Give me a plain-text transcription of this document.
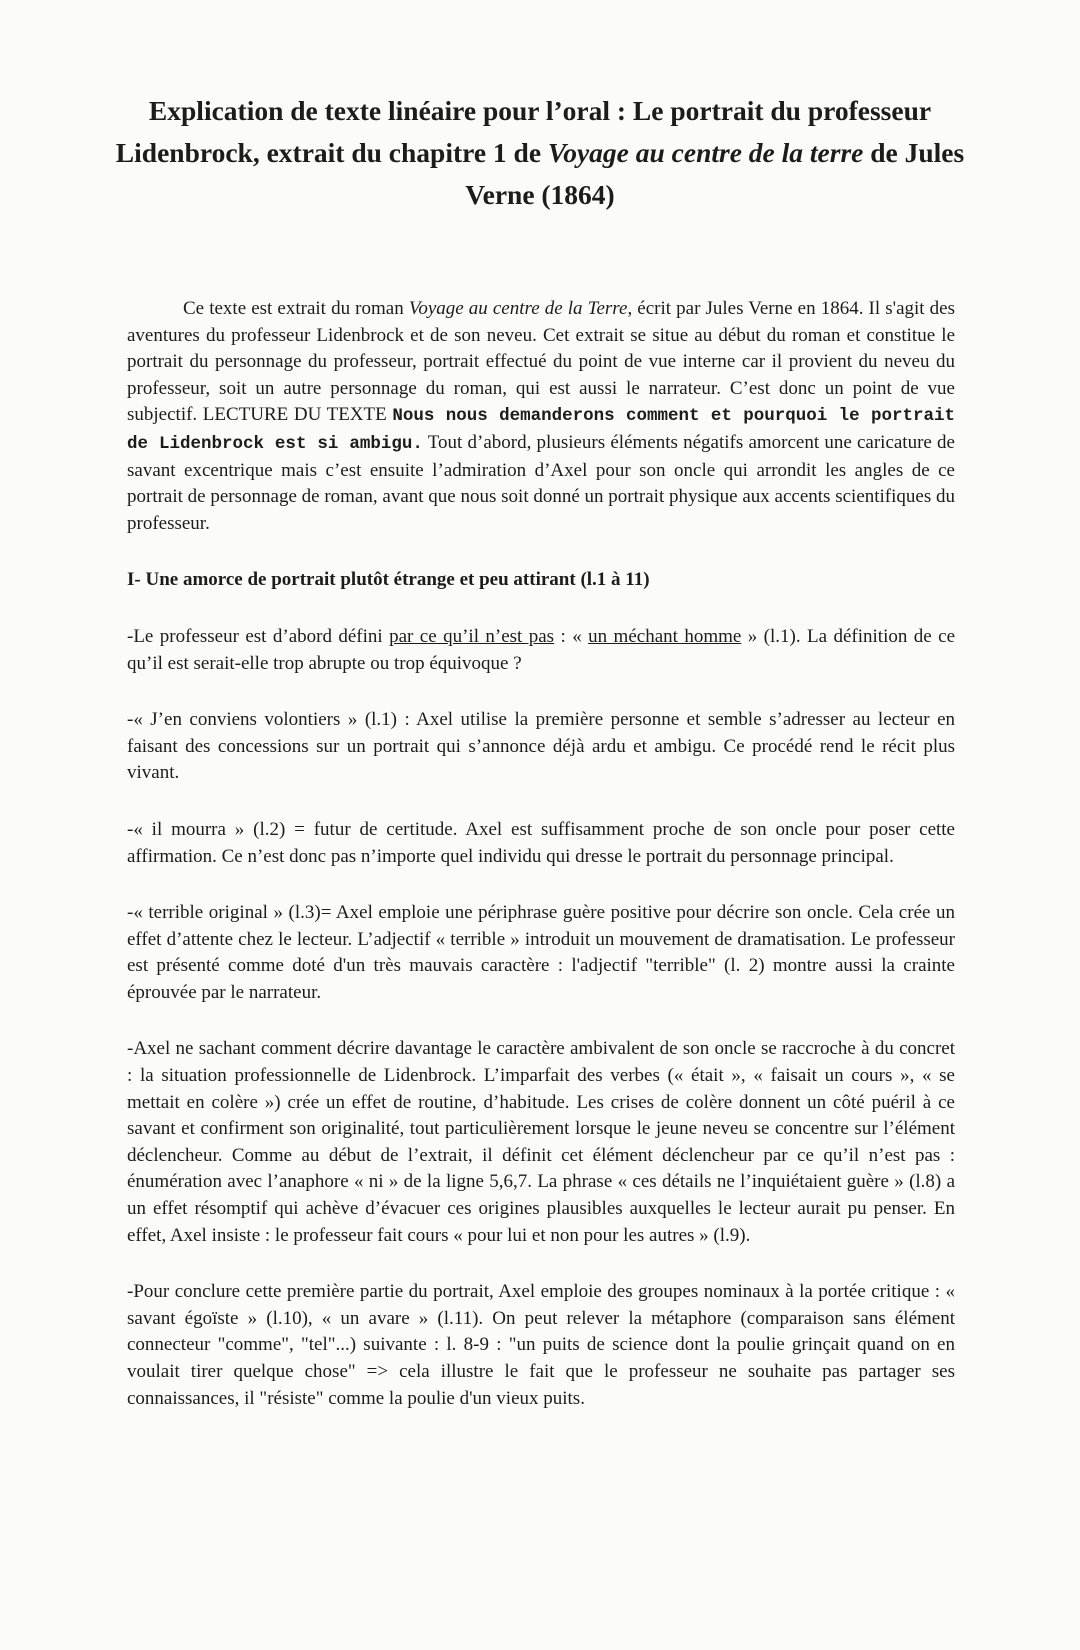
Explication de texte linéaire pour l’oral : Le portrait du professeur Lidenbrock, extrait du chapitre 1 de Voyage au centre de la terre de Jules Verne (1864)

Ce texte est extrait du roman Voyage au centre de la Terre, écrit par Jules Verne en 1864. Il s'agit des aventures du professeur Lidenbrock et de son neveu. Cet extrait se situe au début du roman et constitue le portrait du personnage du professeur, portrait effectué du point de vue interne car il provient du neveu du professeur, soit un autre personnage du roman, qui est aussi le narrateur. C’est donc un point de vue subjectif. LECTURE DU TEXTE Nous nous demanderons comment et pourquoi le portrait de Lidenbrock est si ambigu. Tout d’abord, plusieurs éléments négatifs amorcent une caricature de savant excentrique mais c’est ensuite l’admiration d’Axel pour son oncle qui arrondit les angles de ce portrait de personnage de roman, avant que nous soit donné un portrait physique aux accents scientifiques du professeur.

I- Une amorce de portrait plutôt étrange et peu attirant (l.1 à 11)

-Le professeur est d’abord défini par ce qu’il n’est pas : « un méchant homme » (l.1). La définition de ce qu’il est serait-elle trop abrupte ou trop équivoque ?

-« J’en conviens volontiers » (l.1) : Axel utilise la première personne et semble s’adresser au lecteur en faisant des concessions sur un portrait qui s’annonce déjà ardu et ambigu. Ce procédé rend le récit plus vivant.

-« il mourra » (l.2) = futur de certitude. Axel est suffisamment proche de son oncle pour poser cette affirmation. Ce n’est donc pas n’importe quel individu qui dresse le portrait du personnage principal.

-« terrible original » (l.3)= Axel emploie une périphrase guère positive pour décrire son oncle. Cela crée un effet d’attente chez le lecteur. L’adjectif « terrible » introduit un mouvement de dramatisation. Le professeur est présenté comme doté d'un très mauvais caractère : l'adjectif "terrible" (l. 2) montre aussi la crainte éprouvée par le narrateur.

-Axel ne sachant comment décrire davantage le caractère ambivalent de son oncle se raccroche à du concret : la situation professionnelle de Lidenbrock. L’imparfait des verbes (« était », « faisait un cours », « se mettait en colère ») crée un effet de routine, d’habitude. Les crises de colère donnent un côté puéril à ce savant et confirment son originalité, tout particulièrement lorsque le jeune neveu se concentre sur l’élément déclencheur. Comme au début de l’extrait, il définit cet élément déclencheur par ce qu’il n’est pas : énumération avec l’anaphore « ni » de la ligne 5,6,7. La phrase « ces détails ne l’inquiétaient guère » (l.8) a un effet résomptif qui achève d’évacuer ces origines plausibles auxquelles le lecteur aurait pu penser. En effet, Axel insiste : le professeur fait cours « pour lui et non pour les autres » (l.9).

-Pour conclure cette première partie du portrait, Axel emploie des groupes nominaux à la portée critique : « savant égoïste » (l.10), « un avare » (l.11). On peut relever la métaphore (comparaison sans élément connecteur "comme", "tel"...) suivante : l. 8-9 : "un puits de science dont la poulie grinçait quand on en voulait tirer quelque chose" => cela illustre le fait que le professeur ne souhaite pas partager ses connaissances, il "résiste" comme la poulie d'un vieux puits.
